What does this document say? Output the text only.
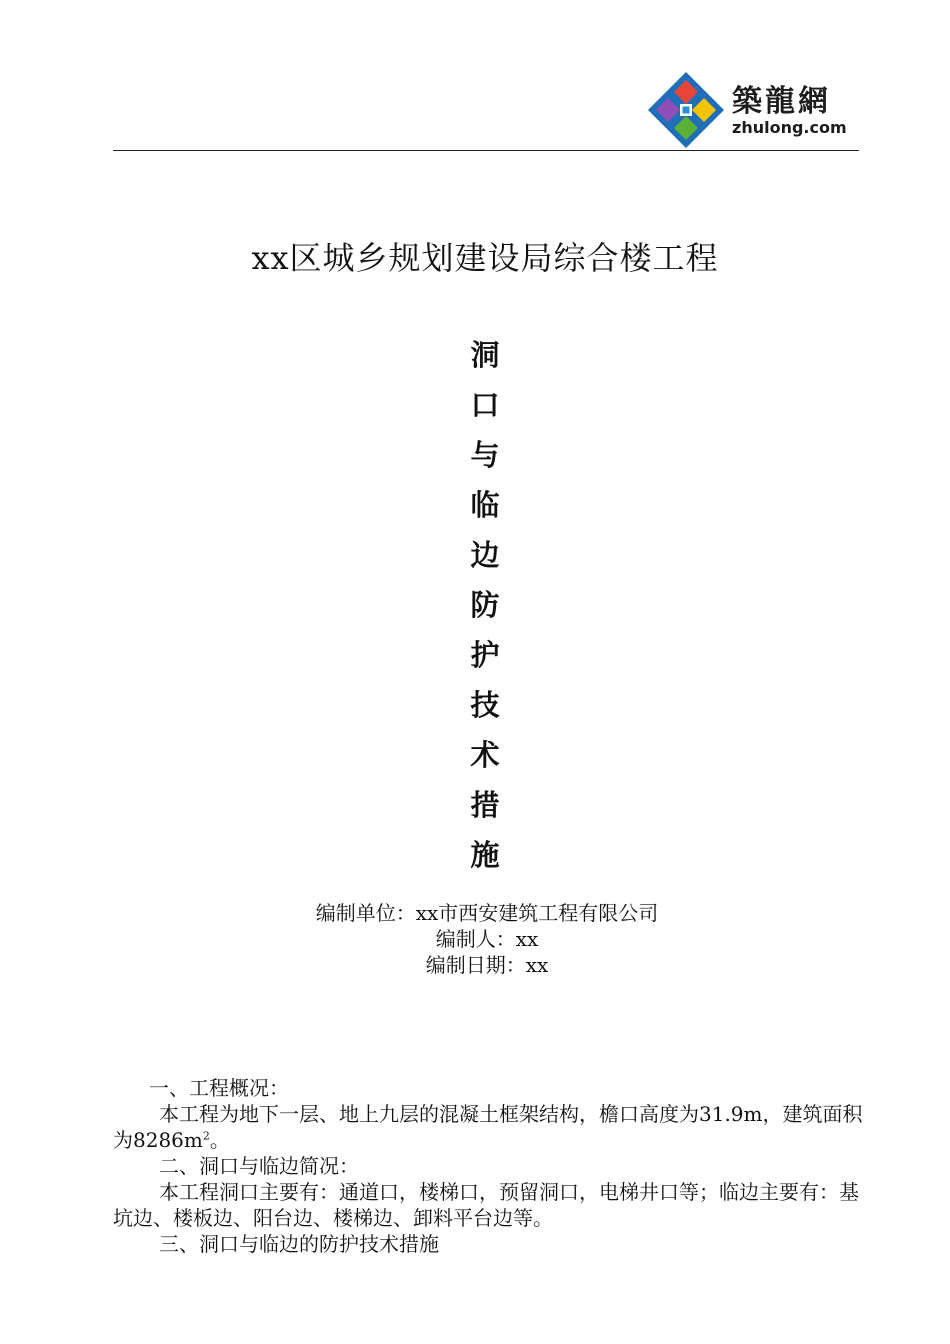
築龍網
zhulong.com
xx区城乡规划建设局综合楼工程
洞
口
与
临
边
防
护
技
术
措
施
编制单位：xx市西安建筑工程有限公司
编制人：xx
编制日期：xx

一、工程概况：

本工程为地下一层、地上九层的混凝土框架结构，檐口高度为31.9m，建筑面积为$8286m^2$。

二、洞口与临边简况：

本工程洞口主要有：通道口，楼梯口，预留洞口，电梯井口等；临边主要有：基坑边、楼板边、阳台边、楼梯边、卸料平台边等。

三、洞口与临边的防护技术措施
